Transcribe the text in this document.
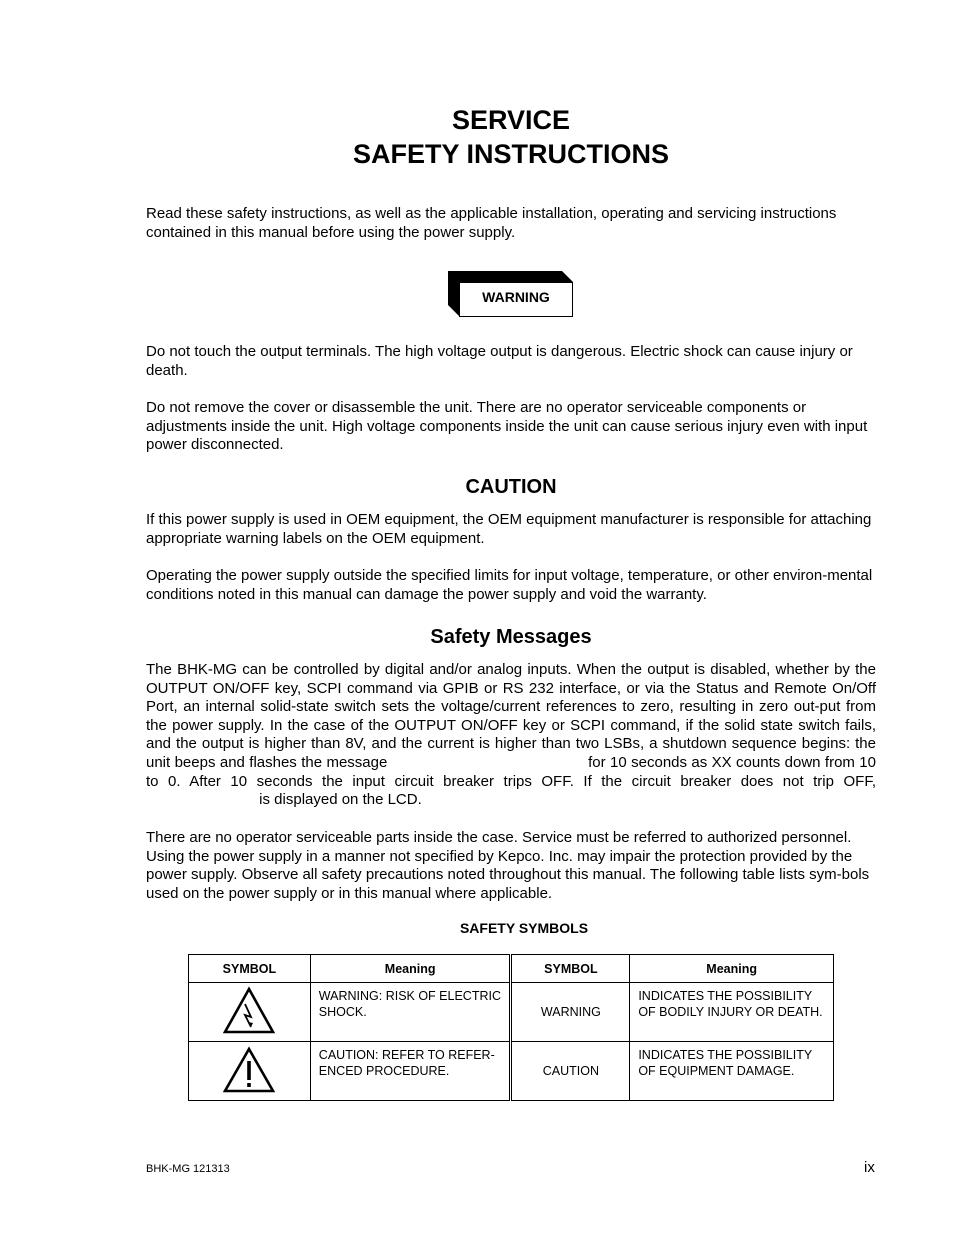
SERVICE
SAFETY INSTRUCTIONS

Read these safety instructions, as well as the applicable installation, operating and servicing instructions contained in this manual before using the power supply.

WARNING

Do not touch the output terminals. The high voltage output is dangerous. Electric shock can cause injury or death.

Do not remove the cover or disassemble the unit. There are no operator serviceable components or adjustments inside the unit. High voltage components inside the unit can cause serious injury even with input power disconnected.

CAUTION

If this power supply is used in OEM equipment, the OEM equipment manufacturer is responsible for attaching appropriate warning labels on the OEM equipment.

Operating the power supply outside the specified limits for input voltage, temperature, or other environ-mental conditions noted in this manual can damage the power supply and void the warranty.

Safety Messages

The BHK-MG can be controlled by digital and/or analog inputs. When the output is disabled, whether by the OUTPUT ON/OFF key, SCPI command via GPIB or RS 232 interface, or via the Status and Remote On/Off Port, an internal solid-state switch sets the voltage/current references to zero, resulting in zero out-put from the power supply. In the case of the OUTPUT ON/OFF key or SCPI command, if the solid state switch fails, and the output is higher than 8V, and the current is higher than two LSBs, a shutdown sequence begins: the unit beeps and flashes the message	for 10 seconds as XX counts down from 10 to 0. After 10 seconds the input circuit breaker trips OFF. If the circuit breaker does not trip OFF,  is displayed on the LCD.

There are no operator serviceable parts inside the case. Service must be referred to authorized personnel. Using the power supply in a manner not specified by Kepco. Inc. may impair the protection provided by the power supply. Observe all safety precautions noted throughout this manual. The following table lists sym-bols used on the power supply or in this manual where applicable.

SAFETY SYMBOLS
SYMBOL	Meaning	SYMBOL	Meaning
	WARNING: RISK OF ELECTRIC SHOCK.	WARNING	INDICATES THE POSSIBILITY OF BODILY INJURY OR DEATH.
	CAUTION: REFER TO REFER-ENCED PROCEDURE.	CAUTION	INDICATES THE POSSIBILITY OF EQUIPMENT DAMAGE.
BHK-MG 121313	ix
